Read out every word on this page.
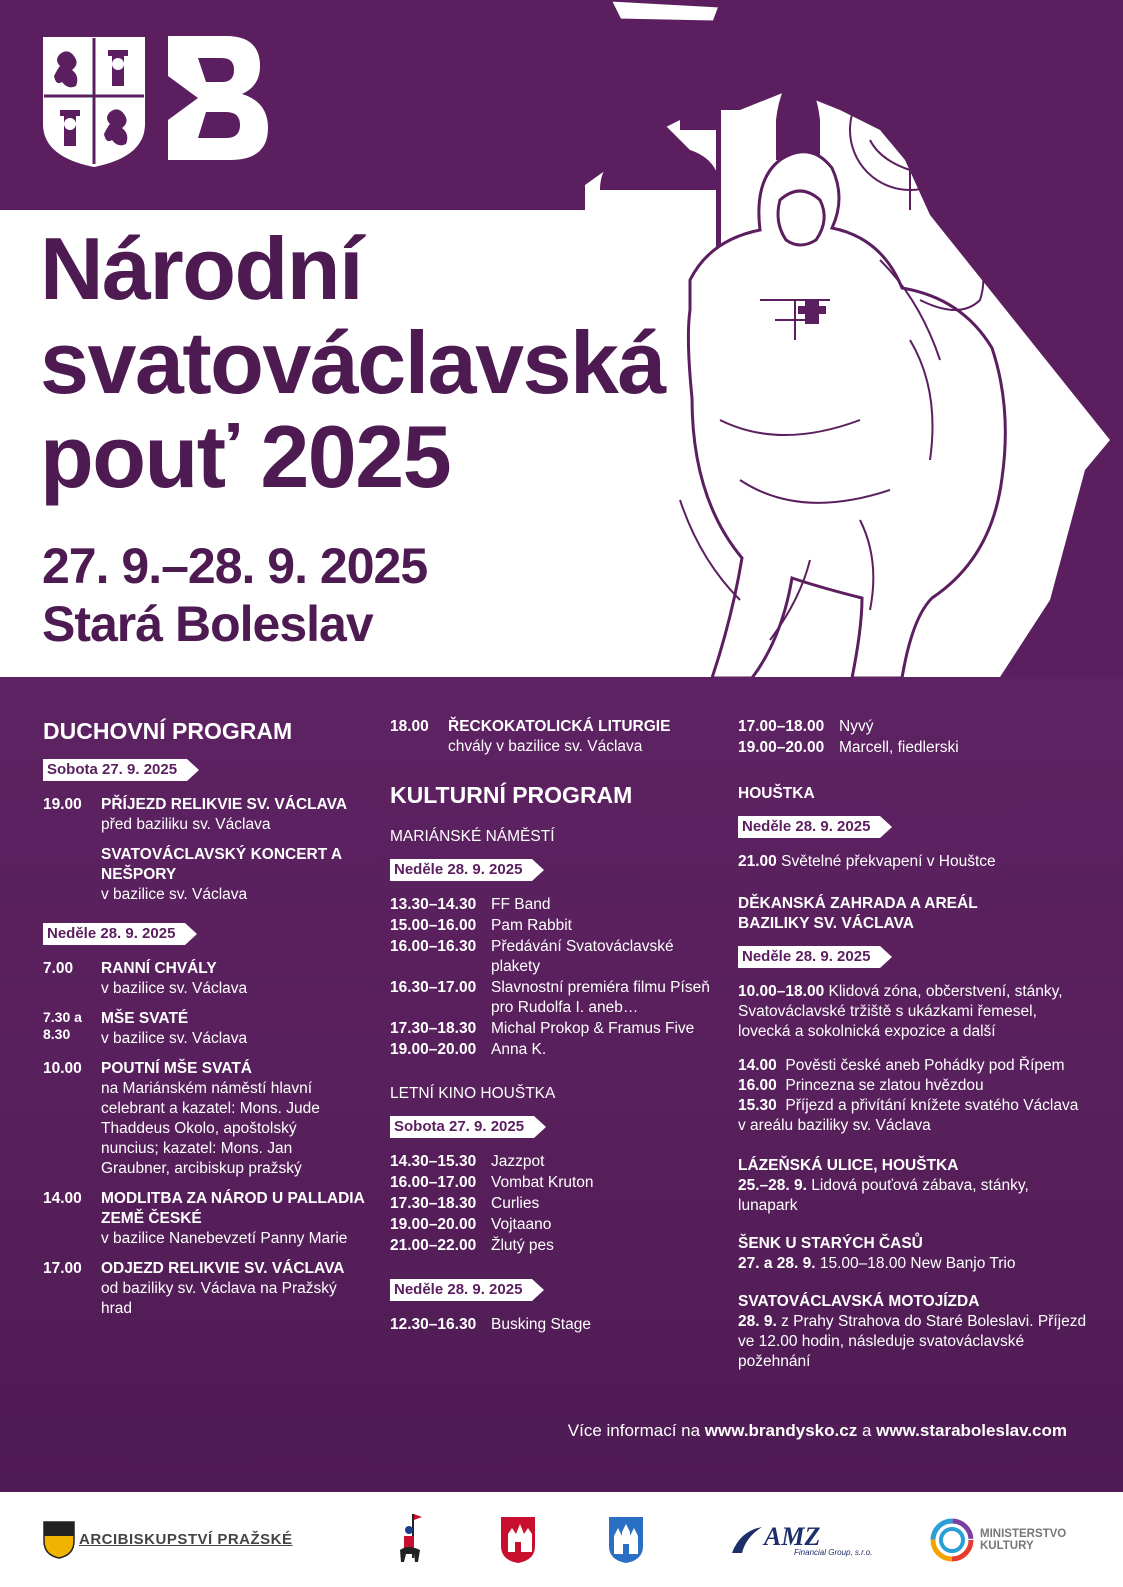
Národní
svatováclavská
pouť 2025
27. 9.–28. 9. 2025
Stará Boleslav
DUCHOVNÍ PROGRAM
Sobota 27. 9. 2025
19.00	PŘÍJEZD RELIKVIE SV. VÁCLAVA
před baziliku sv. Václava
SVATOVÁCLAVSKÝ KONCERT A NEŠPORY
v bazilice sv. Václava
Neděle 28. 9. 2025
7.00	RANNÍ CHVÁLY
v bazilice sv. Václava
7.30 a 8.30
MŠE SVATÉ
v bazilice sv. Václava
10.00	POUTNÍ MŠE SVATÁ
na Mariánském náměstí hlavní celebrant a kazatel: Mons. Jude Thaddeus Okolo, apoštolský nuncius; kazatel: Mons. Jan Graubner, arcibiskup pražský
14.00	MODLITBA ZA NÁROD U PALLADIA ZEMĚ ČESKÉ
v bazilice Nanebevzetí Panny Marie
17.00	ODJEZD RELIKVIE SV. VÁCLAVA
od baziliky sv. Václava na Pražský hrad
18.00	ŘECKOKATOLICKÁ LITURGIE
chvály v bazilice sv. Václava
KULTURNÍ PROGRAM
MARIÁNSKÉ NÁMĚSTÍ
Neděle 28. 9. 2025
13.30–14.30 FF Band
15.00–16.00 Pam Rabbit
16.00–16.30 Předávání Svatováclavské plakety
16.30–17.00 Slavnostní premiéra filmu Píseň pro Rudolfa I. aneb…
17.30–18.30 Michal Prokop & Framus Five
19.00–20.00 Anna K.
LETNÍ KINO HOUŠTKA
Sobota 27. 9. 2025
14.30–15.30 Jazzpot
16.00–17.00 Vombat Kruton
17.30–18.30 Curlies
19.00–20.00 Vojtaano
21.00–22.00 Žlutý pes
Neděle 28. 9. 2025
12.30–16.30 Busking Stage
17.00–18.00 Nyvý
19.00–20.00 Marcell, fiedlerski
HOUŠTKA
Neděle 28. 9. 2025
21.00 Světelné překvapení v Houštce
DĚKANSKÁ ZAHRADA A AREÁL BAZILIKY SV. VÁCLAVA
Neděle 28. 9. 2025
10.00–18.00 Klidová zóna, občerstvení, stánky, Svatováclavské tržiště s ukázkami řemesel, lovecká a sokolnická expozice a další
14.00 Pověsti české aneb Pohádky pod Řípem
16.00 Princezna se zlatou hvězdou
15.30 Příjezd a přivítání knížete svatého Václava v areálu baziliky sv. Václava
LÁZEŇSKÁ ULICE, HOUŠTKA
25.–28. 9. Lidová pouťová zábava, stánky, lunapark
ŠENK U STARÝCH ČASŮ
27. a 28. 9. 15.00–18.00 New Banjo Trio
SVATOVÁCLAVSKÁ MOTOJÍZDA
28. 9. z Prahy Strahova do Staré Boleslavi. Příjezd ve 12.00 hodin, následuje svatováclavské požehnání
Více informací na www.brandysko.cz a www.staraboleslav.com
ARCIBISKUPSTVÍ PRAŽSKÉ	AMZ
Financial Group, s.r.o.
MINISTERSTVO
KULTURY
